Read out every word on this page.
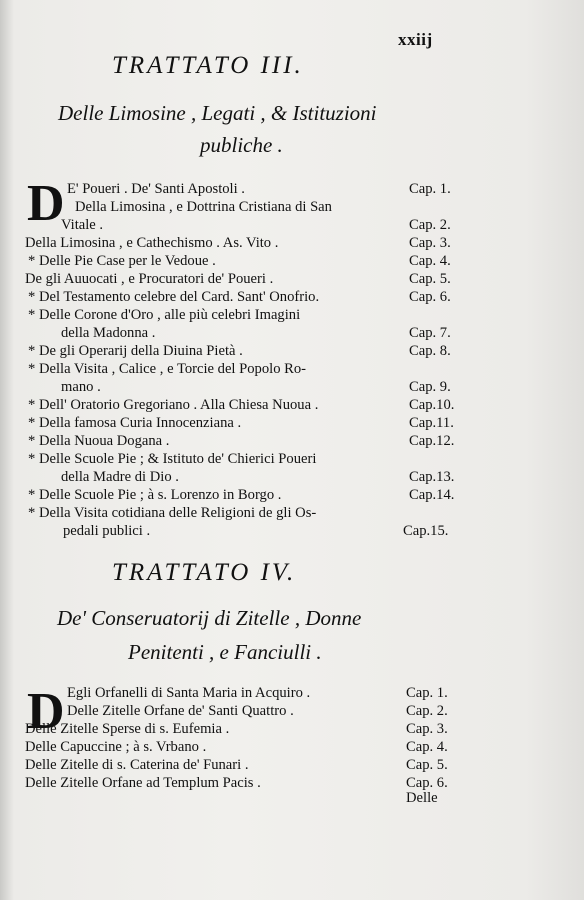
xxiij
TRATTATO III.
Delle Limosine , Legati , & Istituzioni
publiche .
D E' Poueri . De' Santi Apostoli .	Cap. 1.
Della Limosina , e Dottrina Cristiana di San
Vitale .	Cap. 2.
Della Limosina , e Cathechismo . As. Vito .	Cap. 3.
* Delle Pie Case per le Vedoue .	Cap. 4.
De gli Auuocati , e Procuratori de' Poueri .	Cap. 5.
* Del Testamento celebre del Card. Sant' Onofrio.	Cap. 6.
* Delle Corone d'Oro , alle più celebri Imagini
della Madonna .	Cap. 7.
* De gli Operarij della Diuina Pietà .	Cap. 8.
* Della Visita , Calice , e Torcie del Popolo Ro-
mano .	Cap. 9.
* Dell' Oratorio Gregoriano . Alla Chiesa Nuoua .	Cap.10.
* Della famosa Curia Innocenziana .	Cap.11.
* Della Nuoua Dogana .	Cap.12.
* Delle Scuole Pie ; & Istituto de' Chierici Poueri
della Madre di Dio .	Cap.13.
* Delle Scuole Pie ; à s. Lorenzo in Borgo .	Cap.14.
* Della Visita cotidiana delle Religioni de gli Os-
pedali publici .	Cap.15.
TRATTATO IV.
De' Conseruatorij di Zitelle , Donne
Penitenti , e Fanciulli .
D Egli Orfanelli di Santa Maria in Acquiro .	Cap. 1.
Delle Zitelle Orfane de' Santi Quattro .	Cap. 2.
Delle Zitelle Sperse di s. Eufemia .	Cap. 3.
Delle Capuccine ; à s. Vrbano .	Cap. 4.
Delle Zitelle di s. Caterina de' Funari .	Cap. 5.
Delle Zitelle Orfane ad Templum Pacis .	Cap. 6.
Delle
